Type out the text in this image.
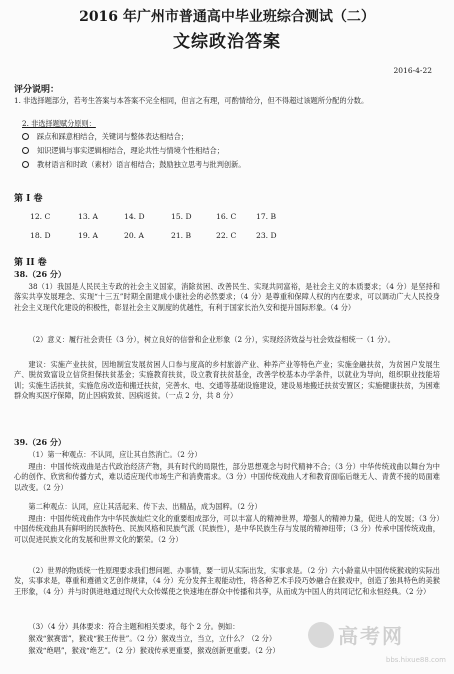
2016 年广州市普通高中毕业班综合测试（二）
文综政治答案
2016-4-22
评分说明：
1. 非选择题部分，若考生答案与本答案不完全相同，但言之有理，可酌情给分，但不得超过该题所分配的分数。
2. 非选择题赋分原则：
踩点和踩意相结合，关键词与整体表达相结合；
知识逻辑与事实逻辑相结合，理论共性与情境个性相结合；
教材语言和时政（素材）语言相结合；鼓励独立思考与批判创新。
第 I 卷
12. C	13. A	14. D	15. D	16. C	17. B
18. D	19. A	20. A	21. B	22. C	23. D
第 II 卷
38.（26 分）
38（1）我国是人民民主专政的社会主义国家，消除贫困、改善民生、实现共同富裕，是社会主义的本质要求；（4 分）是坚持和落实共享发展理念、实现“十三五”时期全面建成小康社会的必然要求；（4 分）是尊重和保障人权的内在要求，可以调动广大人民投身社会主义现代化建设的积极性，彰显社会主义制度的优越性，有利于国家长治久安和提升国际形象。（4 分）
（2）意义：履行社会责任（3 分），树立良好的信誉和企业形象（2 分），实现经济效益与社会效益相统一（1 分）。
建议：实施产业扶贫，因地制宜发展贫困人口参与度高的乡村旅游产业、种养产业等特色产业；实施金融扶贫，为贫困户发展生产、脱贫致富设立信贷担保扶贫基金；实施教育扶贫，设立教育扶贫基金，改善学校基本办学条件，以就业为导向，组织职业技能培训；实施生活扶贫，实施危房改造和搬迁扶贫，完善水、电、交通等基础设施建设，建设易地搬迁扶贫安置区；实施健康扶贫，为困难群众购买医疗保障，防止因病致贫、因病返贫。（一点 2 分，共 8 分）
39.（26 分）
（1）第一种观点：不认同，应让其自然消亡。（2 分）
理由：中国传统戏曲是古代政治经济产物，具有时代的局限性，部分思想观念与时代精神不合；（3 分）中华传统戏曲以舞台为中心的创作、欣赏和传播方式，难以适应现代市场生产和消费需求。（3 分）中国传统戏曲人才和教育面临后继无人、青黄不接的局面难以改变。（2 分）
第二种观点：认同，应让其活起来、传下去、出精品，成为国粹。（2 分）
理由：中国传统戏曲作为中华民族灿烂文化的重要组成部分，可以丰富人的精神世界，增强人的精神力量，促进人的发展；（3 分）中国传统戏曲具有鲜明的民族特色、民族风格和民族气派（民族性），是中华民族生存与发展的精神纽带；（3 分）传承中国传统戏曲，可以促进民族文化的发展和世界文化的繁荣。（2 分）
（2）世界的物质统一性原理要求我们想问题、办事情，要一切从实际出发，实事求是。（2 分）六小龄童从中国传统猴戏的实际出发，实事求是，尊重和遵循文艺创作规律，（4 分）充分发挥主观能动性，将各种艺术手段巧妙融合在猴戏中，创造了独具特色的美猴王形象，（4 分）并与时俱进地通过现代大众传媒使之快速地在群众中传播和共享，从而成为中国人的共同记忆和永恒经典。（2 分）
（3）（4 分）具体要求：符合主题和相关要求，每个 2 分。例如：
猴戏“猴赛雷”，猴戏“猴王传世”。（2 分）猴戏当立，当立，立什么？（2 分）
猴戏“绝唱”，猴戏“绝艺”。（2 分）猴戏传承更重要，猴戏创新更重要。（2 分）
高考网
bbs.hixue88.com
